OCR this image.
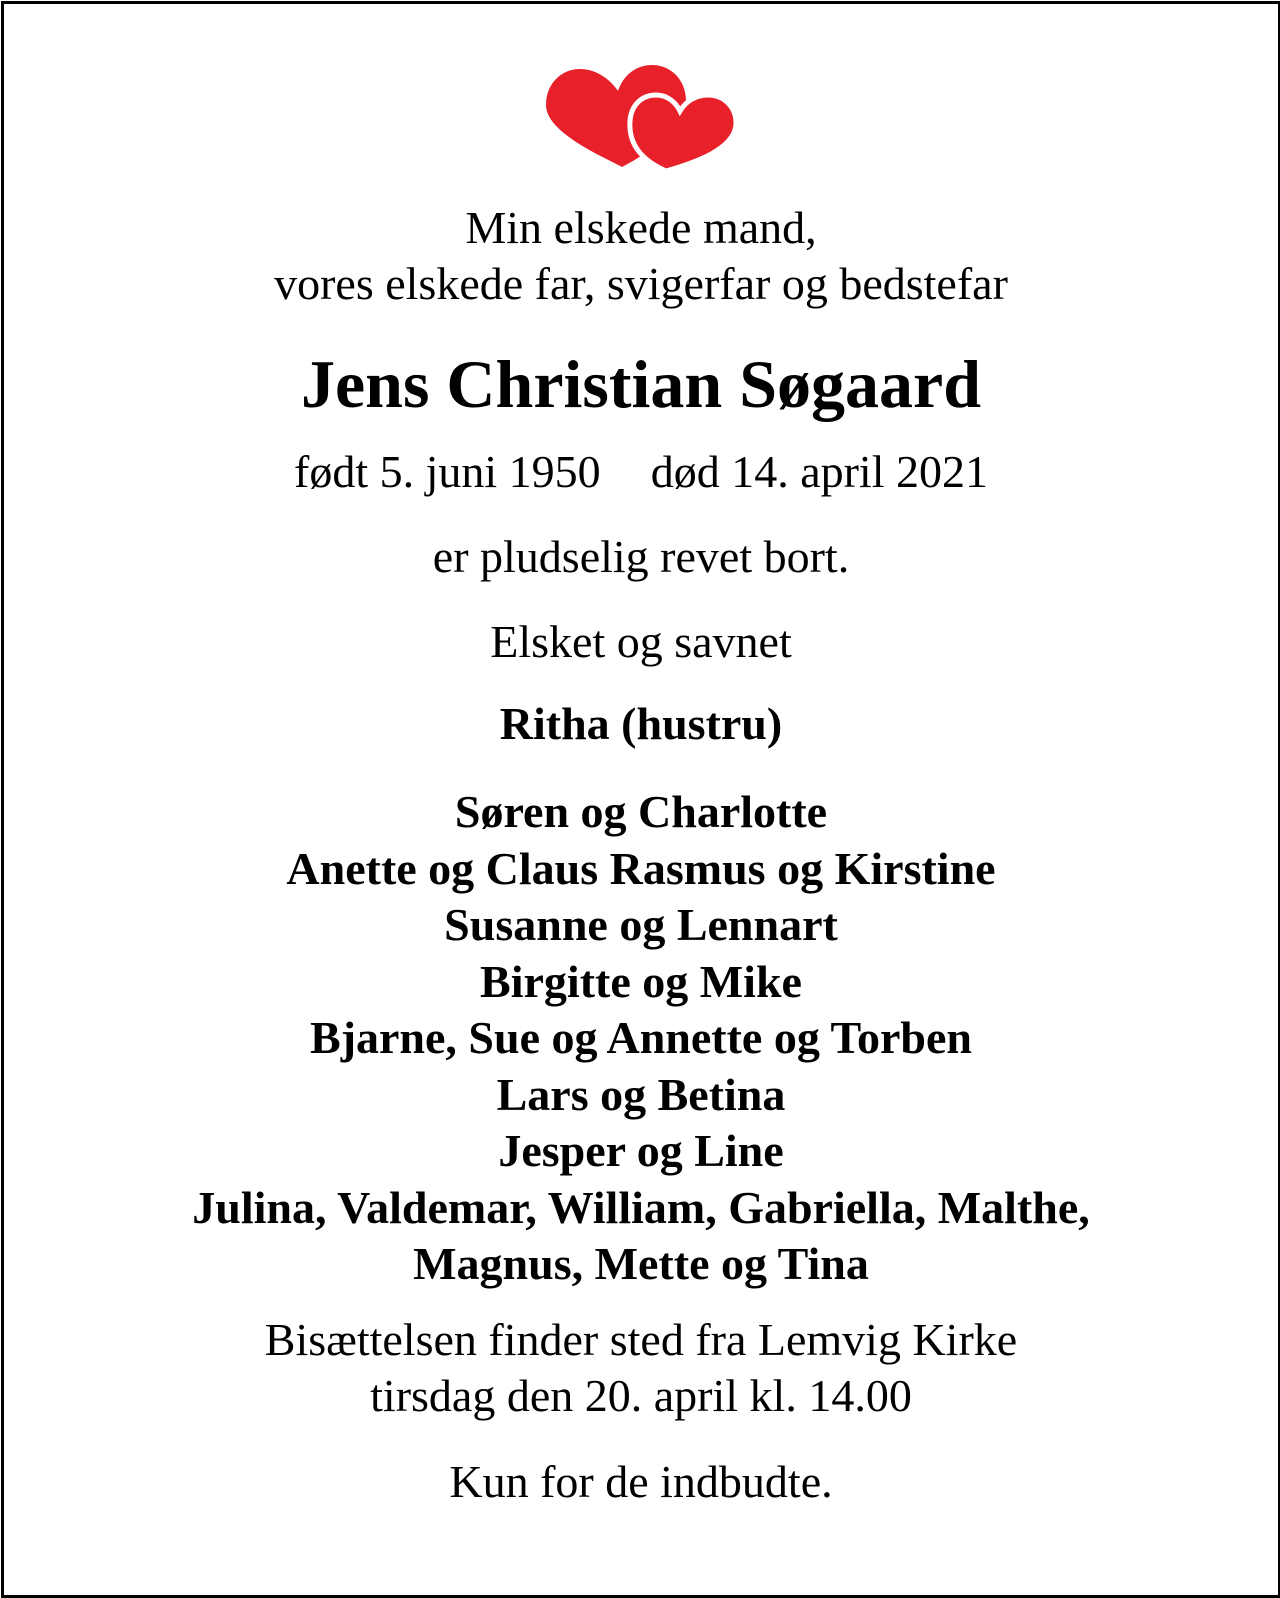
Min elskede mand,
vores elskede far, svigerfar og bedstefar
Jens Christian Søgaard
født 5. juni 1950 død 14. april 2021
er pludselig revet bort.
Elsket og savnet
Ritha (hustru)
Søren og Charlotte
Anette og Claus Rasmus og Kirstine
Susanne og Lennart
Birgitte og Mike
Bjarne, Sue og Annette og Torben
Lars og Betina
Jesper og Line
Julina, Valdemar, William, Gabriella, Malthe,
Magnus, Mette og Tina
Bisættelsen finder sted fra Lemvig Kirke
tirsdag den 20. april kl. 14.00
Kun for de indbudte.
